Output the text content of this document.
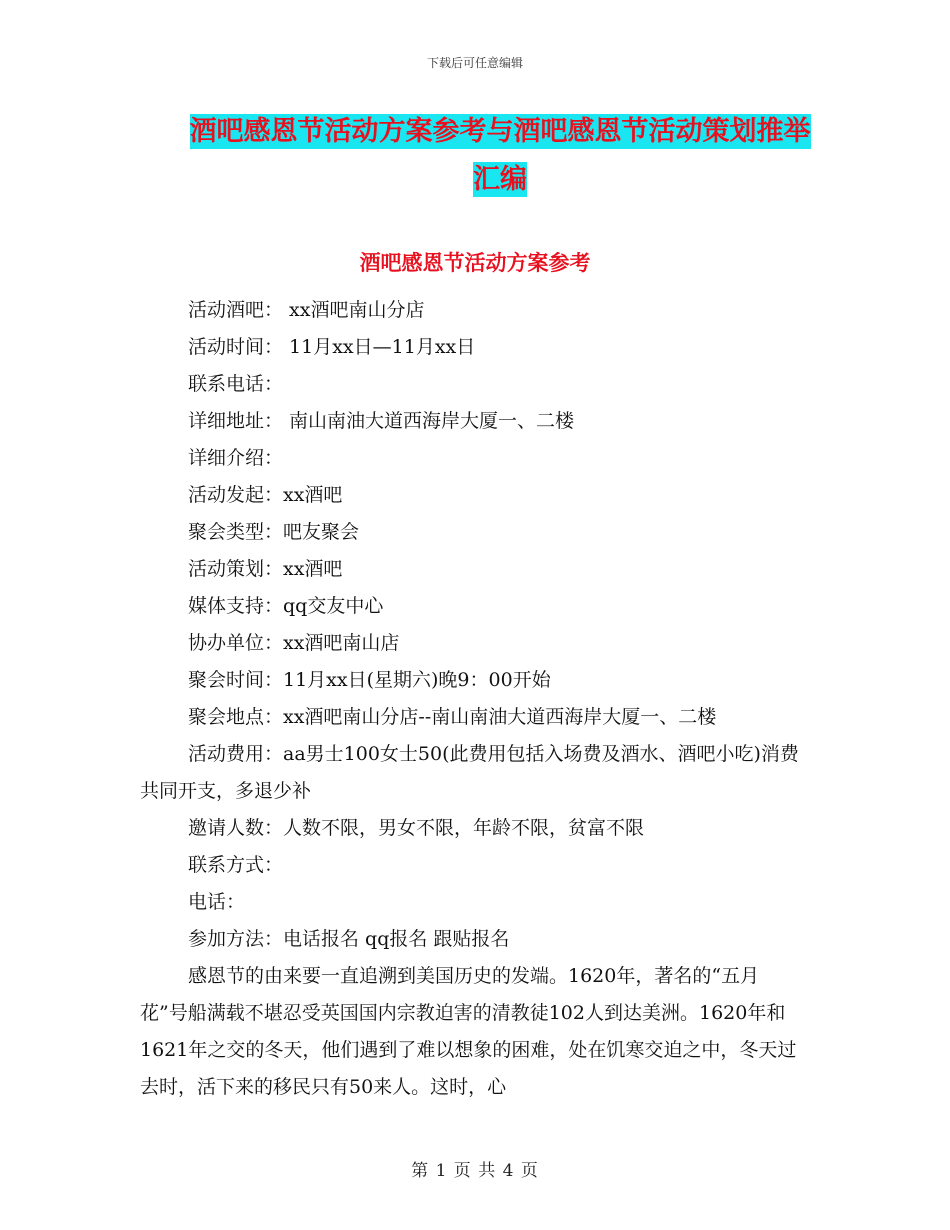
下载后可任意编辑
酒吧感恩节活动方案参考与酒吧感恩节活动策划推举
汇编
酒吧感恩节活动方案参考

活动酒吧： xx酒吧南山分店

活动时间： 11月xx日—11月xx日

联系电话：

详细地址： 南山南油大道西海岸大厦一、二楼

详细介绍：

活动发起：xx酒吧

聚会类型：吧友聚会

活动策划：xx酒吧

媒体支持：qq交友中心

协办单位：xx酒吧南山店

聚会时间：11月xx日(星期六)晚9：00开始

聚会地点：xx酒吧南山分店--南山南油大道西海岸大厦一、二楼

活动费用：aa男士100女士50(此费用包括入场费及酒水、酒吧小吃)消费共同开支，多退少补

邀请人数：人数不限，男女不限，年龄不限，贫富不限

联系方式：

电话：

参加方法：电话报名 qq报名 跟贴报名

感恩节的由来要一直追溯到美国历史的发端。1620年，著名的“五月花”号船满载不堪忍受英国国内宗教迫害的清教徒102人到达美洲。1620年和1621年之交的冬天，他们遇到了难以想象的困难，处在饥寒交迫之中，冬天过去时，活下来的移民只有50来人。这时，心

第 1 页 共 4 页
